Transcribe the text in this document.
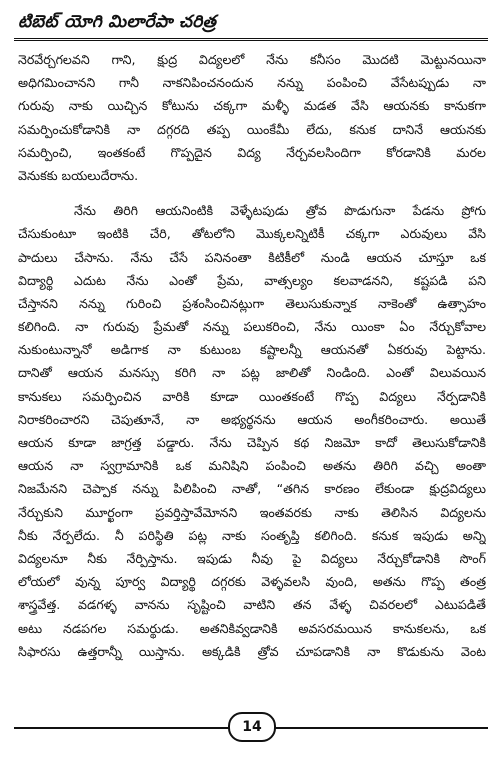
టిబెట్ యోగి మిలారేపా చరిత్ర
నెరవేర్చగలవని గాని, క్షుద్ర విద్యలలో నేను కనీసం మొదటి మెట్టునయినా
అధిగమించానని గానీ నాకనిపించనందున నన్ను పంపించి వేసేటప్పుడు నా
గురువు నాకు యిచ్చిన కోటును చక్కగా మళ్ళీ మడత వేసి ఆయనకు కానుకగా
సమర్పించుకోడానికి నా దగ్గరది తప్ప యింకేమీ లేదు, కనుక దానినే ఆయనకు
సమర్పించి, ఇంతకంటే గొప్పదైన విద్య నేర్చవలసిందిగా కోరడానికి మరల
వెనుకకు బయలుదేరాను.
నేను తిరిగి ఆయనింటికి వెళ్ళేటపుడు త్రోవ పొడుగునా పేడను ప్రోగు
చేసుకుంటూ ఇంటికి చేరి, తోటలోని మొక్కలన్నిటికీ చక్కగా ఎరువులు వేసి
పాదులు చేసాను. నేను చేసే పనినంతా కిటికీలో నుండి ఆయన చూస్తూ ఒక
విద్యార్థి ఎదుట నేను ఎంతో ప్రేమ, వాత్సల్యం కలవాడనని, కష్టపడి పని
చేస్తానని నన్ను గురించి ప్రశంసించినట్లుగా తెలుసుకున్నాక నాకెంతో ఉత్సాహం
కలిగింది. నా గురువు ప్రేమతో నన్ను పలుకరించి, నేను యింకా ఏం నేర్చుకోవాల
నుకుంటున్నానో అడిగాక నా కుటుంబ కష్టాలన్నీ ఆయనతో ఏకరువు పెట్టాను.
దానితో ఆయన మనస్సు కరిగి నా పట్ల జాలితో నిండింది. ఎంతో విలువయిన
కానుకలు సమర్పించిన వారికి కూడా యింతకంటే గొప్ప విద్యలు నేర్పడానికి
నిరాకరించారని చెపుతూనే, నా అభ్యర్థనను ఆయన అంగీకరించారు. అయితే
ఆయన కూడా జాగ్రత్త పడ్డారు. నేను చెప్పిన కథ నిజమో కాదో తెలుసుకోడానికి
ఆయన నా స్వగ్రామానికి ఒక మనిషిని పంపించి అతను తిరిగి వచ్చి అంతా
నిజమేనని చెప్పాక నన్ను పిలిపించి నాతో, “తగిన కారణం లేకుండా క్షుద్రవిద్యలు
నేర్చుకుని మూర్ఖంగా ప్రవర్తిస్తావేమోనని ఇంతవరకు నాకు తెలిసిన విద్యలను
నీకు నేర్పలేదు. నీ పరిస్థితి పట్ల నాకు సంతృప్తి కలిగింది. కనుక ఇపుడు అన్ని
విద్యలనూ నీకు నేర్పిస్తాను. ఇపుడు నీవు పై విద్యలు నేర్చుకోడానికి సొంగ్
లోయలో వున్న పూర్వ విద్యార్థి దగ్గరకు వెళ్ళవలసి వుంది, అతను గొప్ప తంత్ర
శాస్త్రవేత్త. వడగళ్ళ వానను సృష్టించి వాటిని తన వేళ్ళ చివరలలో ఎటుపడితే
అటు నడపగల సమర్థుడు. అతనికివ్వడానికి అవసరమయిన కానుకలను, ఒక
సిఫారసు ఉత్తరాన్నీ యిస్తాను. అక్కడికి త్రోవ చూపడానికి నా కొడుకును వెంట
14
